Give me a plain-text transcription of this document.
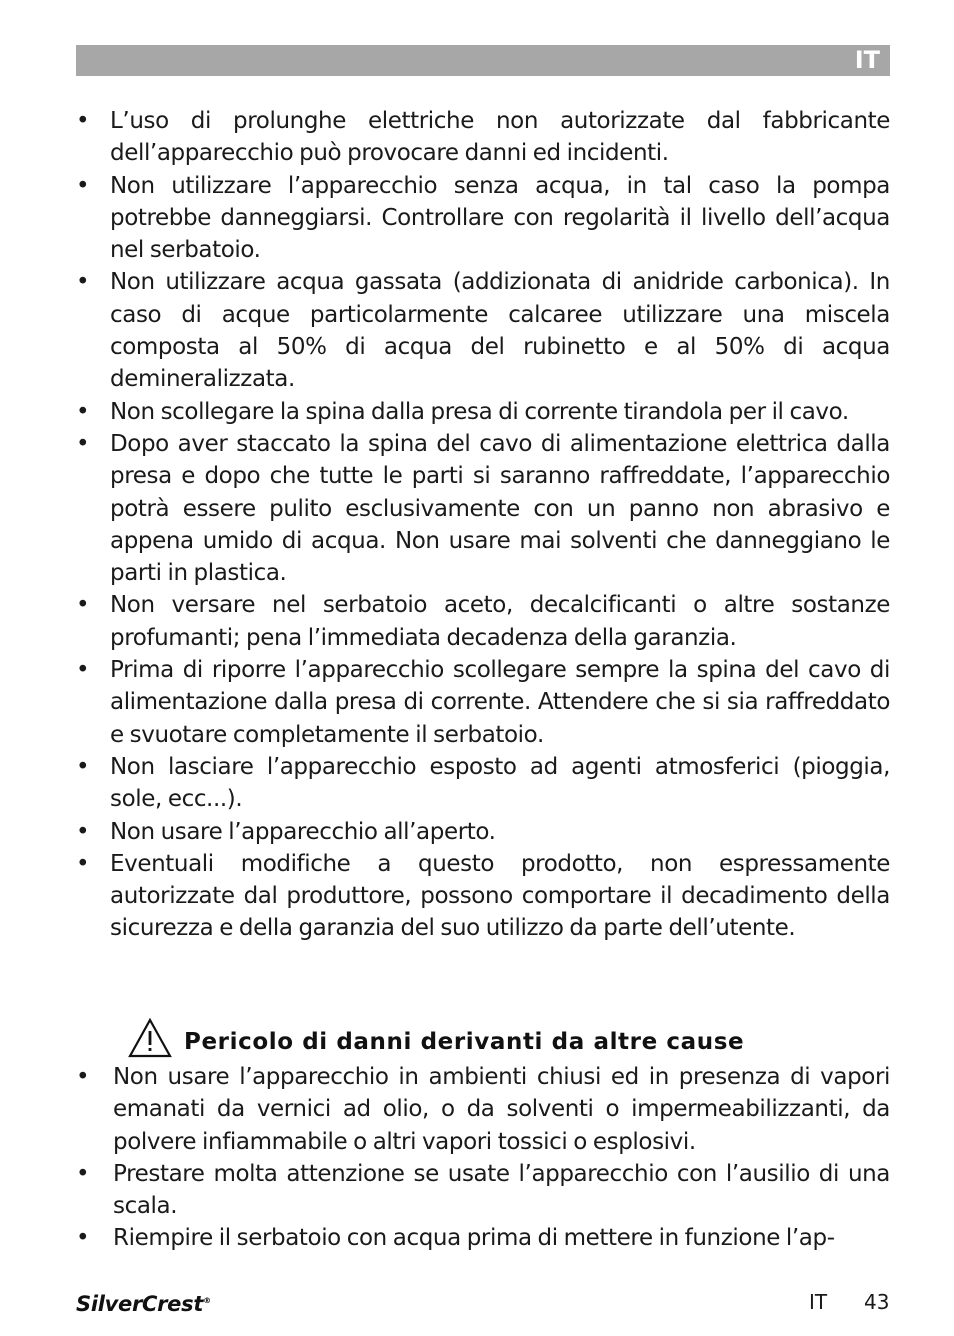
IT
• L’uso di prolunghe elettriche non autorizzate dal fabbricante dell’apparecchio può provocare danni ed incidenti.
• Non utilizzare l’apparecchio senza acqua, in tal caso la pompa potrebbe danneggiarsi. Controllare con regolarità il livello dell’acqua nel serbatoio.
• Non utilizzare acqua gassata (addizionata di anidride carbonica). In caso di acque particolarmente calcaree utilizzare una miscela composta al 50% di acqua del rubinetto e al 50% di acqua demineralizzata.
• Non scollegare la spina dalla presa di corrente tirandola per il cavo.
• Dopo aver staccato la spina del cavo di alimentazione elettrica dalla presa e dopo che tutte le parti si saranno raffreddate, l’apparecchio potrà essere pulito esclusivamente con un panno non abrasivo e appena umido di acqua. Non usare mai solventi che danneggiano le parti in plastica.
• Non versare nel serbatoio aceto, decalcificanti o altre sostanze profumanti; pena l’immediata decadenza della garanzia.
• Prima di riporre l’apparecchio scollegare sempre la spina del cavo di alimentazione dalla presa di corrente. Attendere che si sia raffreddato e svuotare completamente il serbatoio.
• Non lasciare l’apparecchio esposto ad agenti atmosferici (pioggia, sole, ecc...).
• Non usare l’apparecchio all’aperto.
• Eventuali modifiche a questo prodotto, non espressamente autorizzate dal produttore, possono comportare il decadimento della sicurezza e della garanzia del suo utilizzo da parte dell’utente.
Pericolo di danni derivanti da altre cause
• Non usare l’apparecchio in ambienti chiusi ed in presenza di vapori emanati da vernici ad olio, o da solventi o impermeabilizzanti, da polvere infiammabile o altri vapori tossici o esplosivi.
• Prestare molta attenzione se usate l’apparecchio con l’ausilio di una scala.
• Riempire il serbatoio con acqua prima di mettere in funzione l’ap-
SilverCrest®	IT 43
